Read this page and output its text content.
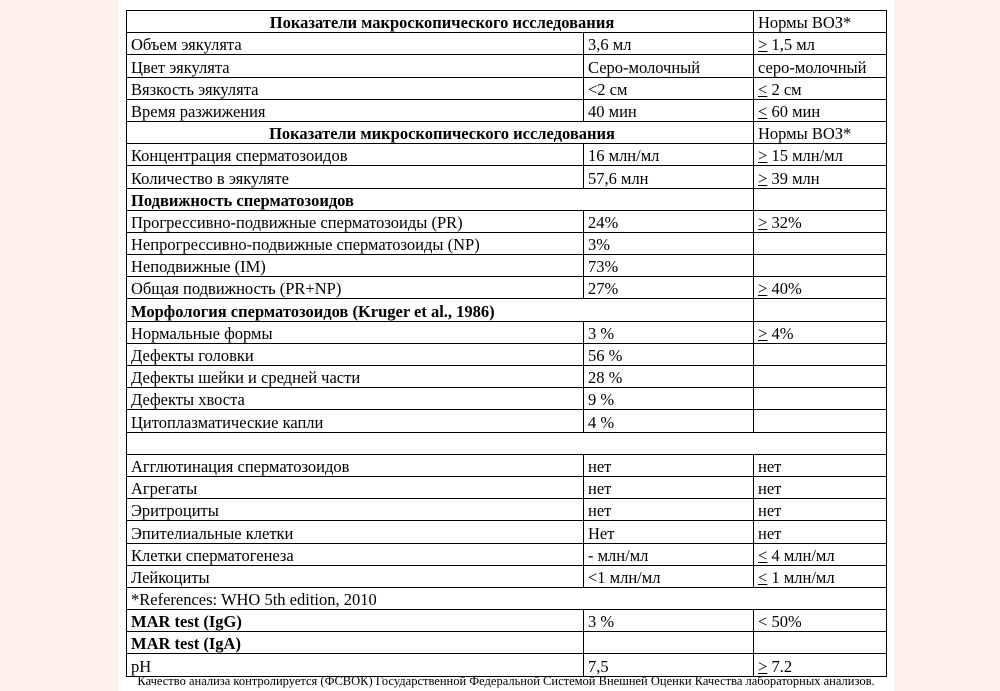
Показатели макроскопического исследования		Нормы ВОЗ*
Объем эякулята	3,6 мл	> 1,5 мл
Цвет эякулята	Серо-молочный	серо-молочный
Вязкость эякулята	<2 см	< 2 см
Время разжижения	40 мин	< 60 мин
Показатели микроскопического исследования		Нормы ВОЗ*
Концентрация сперматозоидов	16 млн/мл	> 15 млн/мл
Количество в эякуляте	57,6 млн	> 39 млн
Подвижность сперматозоидов		
Прогрессивно-подвижные сперматозоиды (PR)	24%	> 32%
Непрогрессивно-подвижные сперматозоиды (NP)	3%	
Неподвижные (IM)	73%	
Общая подвижность (PR+NP)	27%	> 40%
Морфология сперматозоидов (Kruger et al., 1986)		
Нормальные формы	3 %	> 4%
Дефекты головки	56 %	
Дефекты шейки и средней части	28 %	
Дефекты хвоста	9 %	
Цитоплазматические капли	4 %	

Агглютинация сперматозоидов	нет	нет
Агрегаты	нет	нет
Эритроциты	нет	нет
Эпителиальные клетки	Нет	нет
Клетки сперматогенеза	- млн/мл	< 4 млн/мл
Лейкоциты	<1 млн/мл	< 1 млн/мл
*References: WHO 5th edition, 2010		
MAR test (IgG)	3 %	< 50%
MAR test (IgA)		
pH	7,5	> 7.2
Качество анализа контролируется (ФСВОК) Государственной Федеральной Системой Внешней Оценки Качества лабораторных анализов.
